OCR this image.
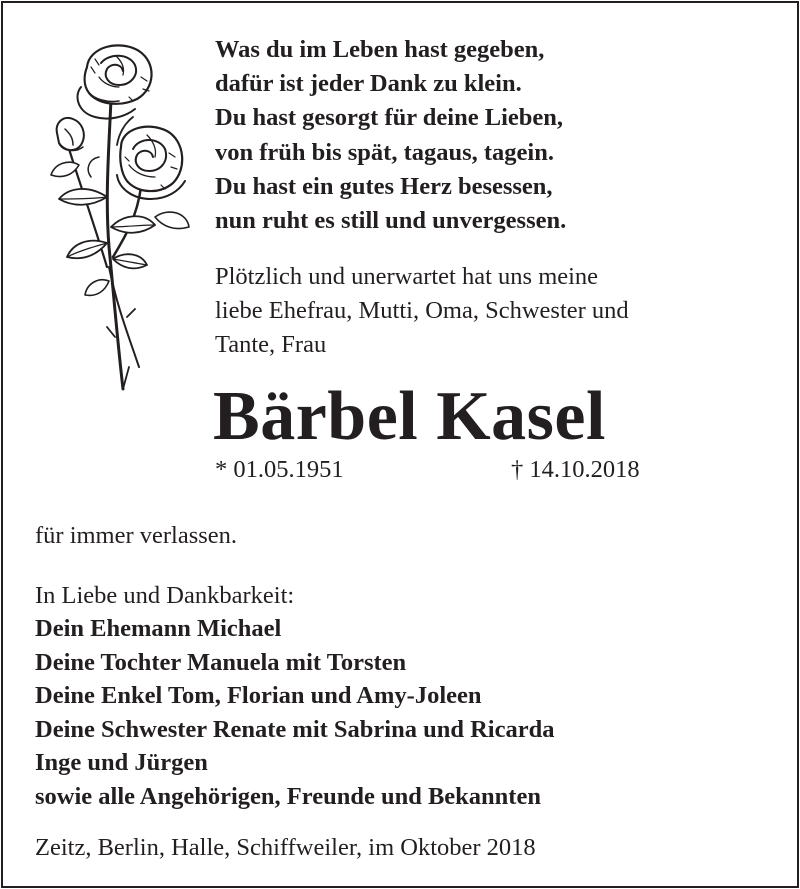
Was du im Leben hast gegeben,
dafür ist jeder Dank zu klein.
Du hast gesorgt für deine Lieben,
von früh bis spät, tagaus, tagein.
Du hast ein gutes Herz besessen,
nun ruht es still und unvergessen.
Plötzlich und unerwartet hat uns meine
liebe Ehefrau, Mutti, Oma, Schwester und
Tante, Frau
Bärbel Kasel
* 01.05.1951	† 14.10.2018
für immer verlassen.
In Liebe und Dankbarkeit:
Dein Ehemann Michael
Deine Tochter Manuela mit Torsten
Deine Enkel Tom, Florian und Amy-Joleen
Deine Schwester Renate mit Sabrina und Ricarda
Inge und Jürgen
sowie alle Angehörigen, Freunde und Bekannten
Zeitz, Berlin, Halle, Schiffweiler, im Oktober 2018
